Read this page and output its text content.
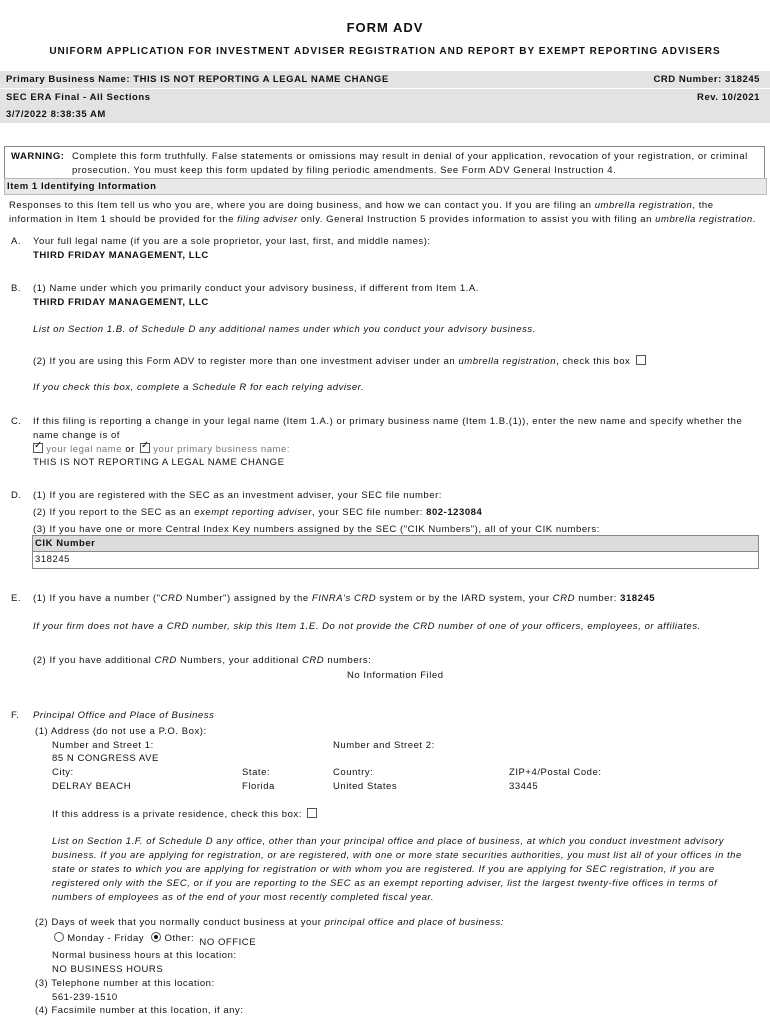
FORM ADV
UNIFORM APPLICATION FOR INVESTMENT ADVISER REGISTRATION AND REPORT BY EXEMPT REPORTING ADVISERS
Primary Business Name: THIS IS NOT REPORTING A LEGAL NAME CHANGE	CRD Number: 318245
SEC ERA Final - All Sections	Rev. 10/2021
3/7/2022 8:38:35 AM
WARNING: Complete this form truthfully. False statements or omissions may result in denial of your application, revocation of your registration, or criminal
prosecution. You must keep this form updated by filing periodic amendments. See Form ADV General Instruction 4.
Item 1 Identifying Information
Responses to this Item tell us who you are, where you are doing business, and how we can contact you. If you are filing an umbrella registration, the
information in Item 1 should be provided for the filing adviser only. General Instruction 5 provides information to assist you with filing an umbrella registration.
A. Your full legal name (if you are a sole proprietor, your last, first, and middle names):
THIRD FRIDAY MANAGEMENT, LLC
B. (1) Name under which you primarily conduct your advisory business, if different from Item 1.A.
THIRD FRIDAY MANAGEMENT, LLC
List on Section 1.B. of Schedule D any additional names under which you conduct your advisory business.
(2) If you are using this Form ADV to register more than one investment adviser under an umbrella registration, check this box
If you check this box, complete a Schedule R for each relying adviser.
C. If this filing is reporting a change in your legal name (Item 1.A.) or primary business name (Item 1.B.(1)), enter the new name and specify whether the
name change is of
✓ your legal name or ✓ your primary business name:
THIS IS NOT REPORTING A LEGAL NAME CHANGE
D. (1) If you are registered with the SEC as an investment adviser, your SEC file number:
(2) If you report to the SEC as an exempt reporting adviser, your SEC file number: 802-123084
(3) If you have one or more Central Index Key numbers assigned by the SEC ("CIK Numbers"), all of your CIK numbers:
CIK Number
318245
E. (1) If you have a number ("CRD Number") assigned by the FINRA's CRD system or by the IARD system, your CRD number: 318245
If your firm does not have a CRD number, skip this Item 1.E. Do not provide the CRD number of one of your officers, employees, or affiliates.
(2) If you have additional CRD Numbers, your additional CRD numbers:
No Information Filed
F. Principal Office and Place of Business
(1) Address (do not use a P.O. Box):
Number and Street 1:	Number and Street 2:
85 N CONGRESS AVE
City:	State:	Country:	ZIP+4/Postal Code:
DELRAY BEACH	Florida	United States	33445
If this address is a private residence, check this box:
List on Section 1.F. of Schedule D any office, other than your principal office and place of business, at which you conduct investment advisory business. If you are applying for registration, or are registered, with one or more state securities authorities, you must list all of your offices in the state or states to which you are applying for registration or with whom you are registered. If you are applying for SEC registration, if you are registered only with the SEC, or if you are reporting to the SEC as an exempt reporting adviser, list the largest twenty-five offices in terms of numbers of employees as of the end of your most recently completed fiscal year.
(2) Days of week that you normally conduct business at your principal office and place of business:
Monday - Friday Other: NO OFFICE
Normal business hours at this location:
NO BUSINESS HOURS
(3) Telephone number at this location:
561-239-1510
(4) Facsimile number at this location, if any:
